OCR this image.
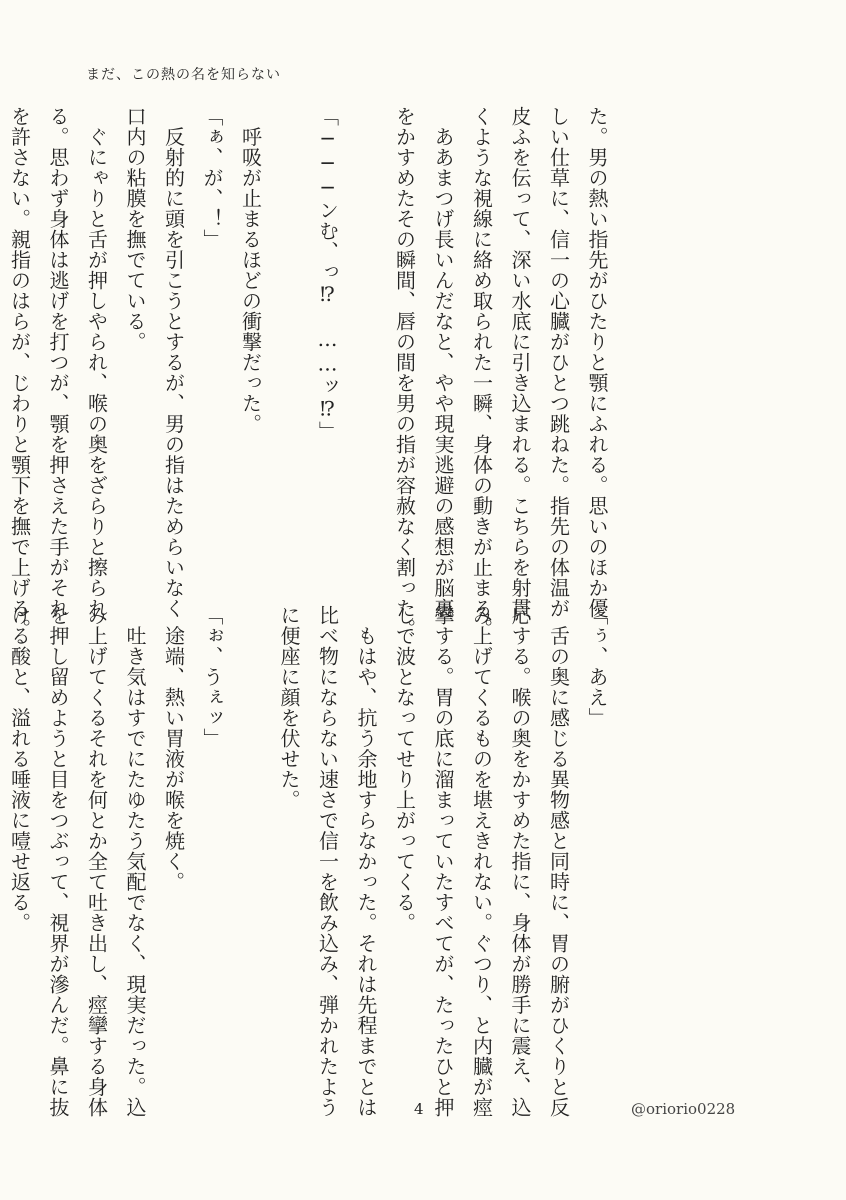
まだ、この熱の名を知らない
た。男の熱い指先がひたりと顎にふれる。思いのほか優
しい仕草に、信一の心臓がひとつ跳ねた。指先の体温が
皮ふを伝って、深い水底に引き込まれる。こちらを射貫
くような視線に絡め取られた一瞬、身体の動きが止まる。
　ああまつげ長いんだなと、やや現実逃避の感想が脳裏
をかすめたその瞬間、唇の間を男の指が容赦なく割った。

「───ンむ、っ⁉　……ッ⁉」

　呼吸が止まるほどの衝撃だった。
「ぁ、が、！」
　反射的に頭を引こうとするが、男の指はためらいなく
口内の粘膜を撫でている。
　ぐにゃりと舌が押しやられ、喉の奥をざらりと擦られ
る。思わず身体は逃げを打つが、顎を押さえた手がそれ
を許さない。親指のはらが、じわりと顎下を撫で上げる。
「ぅ、あえ」
　舌の奥に感じる異物感と同時に、胃の腑がひくりと反
応する。喉の奥をかすめた指に、身体が勝手に震え、込
み上げてくるものを堪えきれない。ぐつり、と内臓が痙
攣する。胃の底に溜まっていたすべてが、たったひと押
しで波となってせり上がってくる。
　もはや、抗う余地すらなかった。それは先程までとは
比べ物にならない速さで信一を飲み込み、弾かれたよう
に便座に顔を伏せた。

「ぉ、うぇッ」
　途端、熱い胃液が喉を焼く。
　吐き気はすでにたゆたう気配でなく、現実だった。込
み上げてくるそれを何とか全て吐き出し、痙攣する身体
を押し留めようと目をつぶって、視界が滲んだ。鼻に抜
ける酸と、溢れる唾液に噎せ返る。
4	@oriorio0228
